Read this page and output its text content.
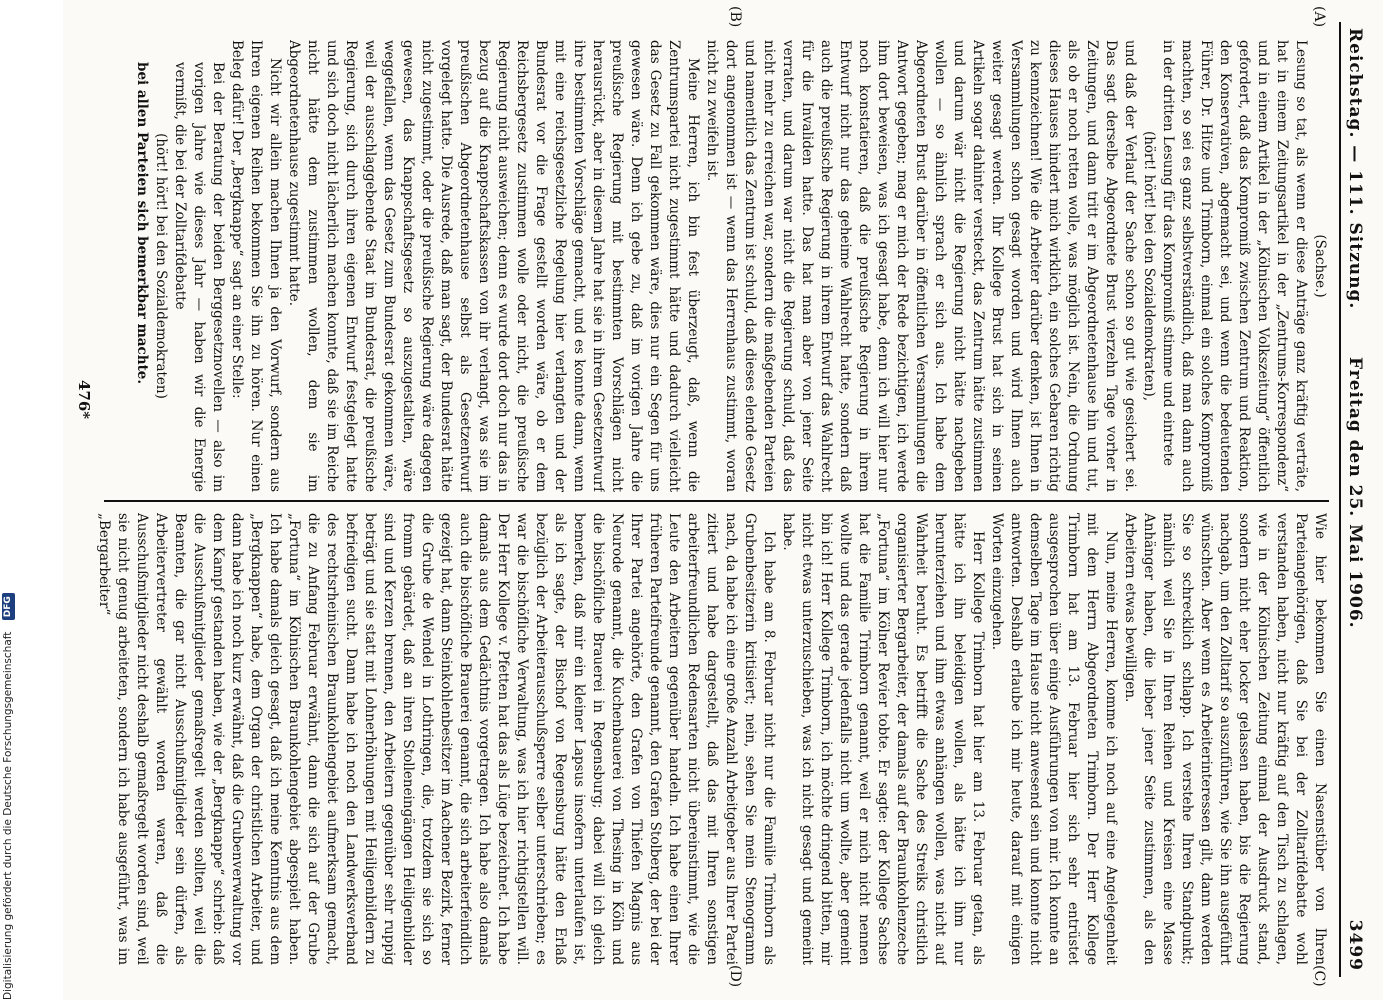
Reichstag. — 111. Sitzung.
Freitag den 25. Mai 1906.
3499
(A)
(B)
(C)
(D)

(Sachse.)

Lesung so tat, als wenn er diese Anträge ganz kräftig verträte, hat in einem Zeitungsartikel in der „Zentrums-Korrespondenz“ und in einem Artikel in der „Kölnischen Volkszeitung“ öffentlich gefordert, daß das Kompromiß zwischen Zentrum und Reaktion, den Konservativen, abgemacht sei, und wenn die bedeutenden Führer, Dr. Hitze und Trimborn, einmal ein solches Kompromiß machten, so sei es ganz selbstverständlich, daß man dann auch in der dritten Lesung für das Kompromiß stimme und eintrete

(hört! hört! bei den Sozialdemokraten),

und daß der Verlauf der Sache schon so gut wie gesichert sei. Das sagt derselbe Abgeordnete Brust vierzehn Tage vorher in Zeitungen, und dann tritt er im Abgeordnetenhause hin und tut, als ob er noch retten wolle, was möglich ist. Nein, die Ordnung dieses Hauses hindert mich wirklich, ein solches Gebaren richtig zu kennzeichnen! Wie die Arbeiter darüber denken, ist Ihnen in Versammlungen schon gesagt worden und wird Ihnen auch weiter gesagt werden. Ihr Kollege Brust hat sich in seinen Artikeln sogar dahinter versteckt, das Zentrum hätte zustimmen und darum wär nicht die Regierung nicht hätte nachgeben wollen — so ähnlich sprach er sich aus. Ich habe dem Abgeordneten Brust darüber in öffentlichen Versammlungen die Antwort gegeben; mag er mich der Rede bezichtigen, ich werde ihm dort beweisen, was ich gesagt habe, denn ich will hier nur noch konstatieren, daß die preußische Regierung in ihrem Entwurf nicht nur das geheime Wahlrecht hatte, sondern daß auch die preußische Regierung in ihrem Entwurf das Wahlrecht für die Invaliden hatte. Das hat man aber von jener Seite verraten, und darum war nicht die Regierung schuld, daß das nicht mehr zu erreichen war, sondern die maßgebenden Parteien und namentlich das Zentrum ist schuld, daß dieses elende Gesetz dort angenommen ist — wenn das Herrenhaus zustimmt, woran nicht zu zweifeln ist.

Meine Herren, ich bin fest überzeugt, daß, wenn die Zentrumspartei nicht zugestimmt hätte und dadurch vielleicht das Gesetz zu Fall gekommen wäre, dies nur ein Segen für uns gewesen wäre. Denn ich gebe zu, daß im vorigen Jahre die preußische Regierung mit bestimmten Vorschlägen nicht herausrückt, aber in diesem Jahre hat sie in ihrem Gesetzentwurf ihre bestimmten Vorschläge gemacht, und es konnte dann, wenn mit eine reichsgesetzliche Regelung hier verlangten und der Bundesrat vor die Frage gestellt worden wäre, ob er dem Reichsbergesetz zustimmen wolle oder nicht, die preußische Regierung nicht ausweichen; denn es wurde dort doch nur das in bezug auf die Knappschaftskassen von ihr verlangt, was sie im preußischen Abgeordnetenhause selbst als Gesetzentwurf vorgelegt hatte. Die Ausrede, daß man sagt, der Bundesrat hätte nicht zugestimmt, oder die preußische Regierung wäre dagegen gewesen, das Knappschaftsgesetz so auszugestalten, wäre weggefallen, wenn das Gesetz zum Bundesrat gekommen wäre, weil der ausschlaggebende Staat im Bundesrat, die preußische Regierung, sich durch ihren eigenen Entwurf festgelegt hatte und sich doch nicht lächerlich machen konnte, daß sie im Reiche nicht hätte dem zustimmen wollen, dem sie im Abgeordnetenhause zugestimmt hatte.

Nicht wir allein machen Ihnen ja den Vorwurf, sondern aus Ihren eigenen Reihen bekommen Sie ihn zu hören. Nur einen Beleg dafür! Der „Bergknappe“ sagt an einer Stelle:

Bei der Beratung der beiden Berggesetznovellen — also im vorigen Jahre wie dieses Jahr — haben wir die Energie vermißt, die bei der Zolltarifdebatte

(hört! hört! bei den Sozialdemokraten)

bei allen Parteien sich bemerkbar machte.

Wie hier bekommen Sie einen Nasenstüber von Ihren Parteiangehörigen, daß Sie bei der Zolltarifdebatte wohl verstanden haben, nicht nur kräftig auf den Tisch zu schlagen, wie in der Kölnischen Zeitung einmal der Ausdruck stand, sondern nicht eher locker gelassen haben, bis die Regierung nachgab, um den Zolltarif so auszuführen, wie Sie ihn ausgeführt wünschten. Aber wenn es Arbeiterinteressen gilt, dann werden Sie so schrecklich schlapp. Ich verstehe Ihren Standpunkt; nämlich weil Sie in Ihren Reihen und Kreisen eine Masse Anhänger haben, die lieber jener Seite zustimmen, als den Arbeitern etwas bewilligen.

Nun, meine Herren, komme ich noch auf eine Angelegenheit mit dem Herrn Abgeordneten Trimborn. Der Herr Kollege Trimborn hat am 13. Februar hier sich sehr entrüstet ausgesprochen über einige Ausführungen von mir. Ich konnte an demselben Tage im Hause nicht anwesend sein und konnte nicht antworten. Deshalb erlaube ich mir heute, darauf mit einigen Worten einzugehen.

Herr Kollege Trimborn hat hier am 13. Februar getan, als hätte ich ihn beleidigen wollen, als hätte ich ihm nur herunterziehen und ihm etwas anhängen wollen, was nicht auf Wahrheit beruht. Es betrifft die Sache des Streiks christlich organisierter Bergarbeiter, der damals auf der Braunkohlenzeche „Fortuna“ im Kölner Revier tobte. Er sagte: der Kollege Sachse hat die Familie Trimborn genannt, weil er mich nicht nennen wollte und das gerade jedenfalls nicht um wollte, aber gemeint bin ich! Herr Kollege Trimborn, ich möchte dringend bitten, mir nicht etwas unterzuschieben, was ich nicht gesagt und gemeint habe.

Ich habe am 8. Februar nicht nur die Familie Trimborn als Grubenbesitzerin kritisiert; nein, sehen Sie mein Stenogramm nach, da habe ich eine große Anzahl Arbeitgeber aus Ihrer Partei zitiert und habe dargestellt, daß das mit Ihren sonstigen arbeiterfreundlichen Redensarten nicht übereinstimmt, wie die Leute den Arbeitern gegenüber handeln. Ich habe einen Ihrer früheren Parteifreunde genannt, den Grafen Stolberg, der bei der Ihrer Partei angehörte, den Grafen von Thiefen Magnis aus Neurode genannt, die Kuchenbauerei von Thesing in Köln und die bischöfliche Brauerei in Regensburg; dabei will ich gleich bemerken, daß mir ein kleiner Lapsus insofern unterlaufen ist, als ich sagte, der Bischof von Regensburg hätte den Erlaß bezüglich der Arbeiterausschußsperre selber unterschrieben; es war die bischöfliche Verwaltung, was ich hier richtigstellen will. Der Herr Kollege v. Pfetten hat das als Lüge bezeichnet. Ich habe damals aus dem Gedächtnis vorgetragen. Ich habe also damals auch die bischöfliche Brauerei genannt, die sich arbeiterfeindlich gezeigt hat, dann Steinkohlenbesitzer im Aachener Bezirk, ferner die Grube de Wendel in Lothringen, die, trotzdem sie sich so fromm gebärdet, daß an ihren Stolleneingängen Heiligenbilder sind und Kerzen brennen, den Arbeitern gegenüber sehr ruppig beträgt und sie statt mit Lohnerhöhungen mit Heiligenbildern zu befriedigen sucht. Dann habe ich noch den Landwerksverband des rechtsrheinischen Braunkohlengebiet aufmerksam gemacht, die zu Anfang Februar erwähnt, dann die sich auf der Grube „Fortuna“ im Kölnischen Braunkohlengebiet abgespielt haben. Ich habe damals gleich gesagt, daß ich meine Kenntnis aus dem „Bergknappen“ habe, dem Organ der christlichen Arbeiter, und dann habe ich noch kurz erwähnt, daß die Grubenverwaltung vor dem Kampf gestanden haben, wie der „Bergknappe“ schrieb: daß die Ausschußmitglieder gemaßregelt werden sollten, weil die Beamten, die gar nicht Ausschußmitglieder sein dürfen, als Arbeitervertreter gewählt worden waren, daß die Ausschußmitglieder nicht deshalb gemaßregelt worden sind, weil sie nicht genug arbeiteten, sondern ich habe ausgeführt, was im „Bergarbeiter“

476*
Digitalisierung gefördert durch die Deutsche Forschungsgemeinschaft DFG
